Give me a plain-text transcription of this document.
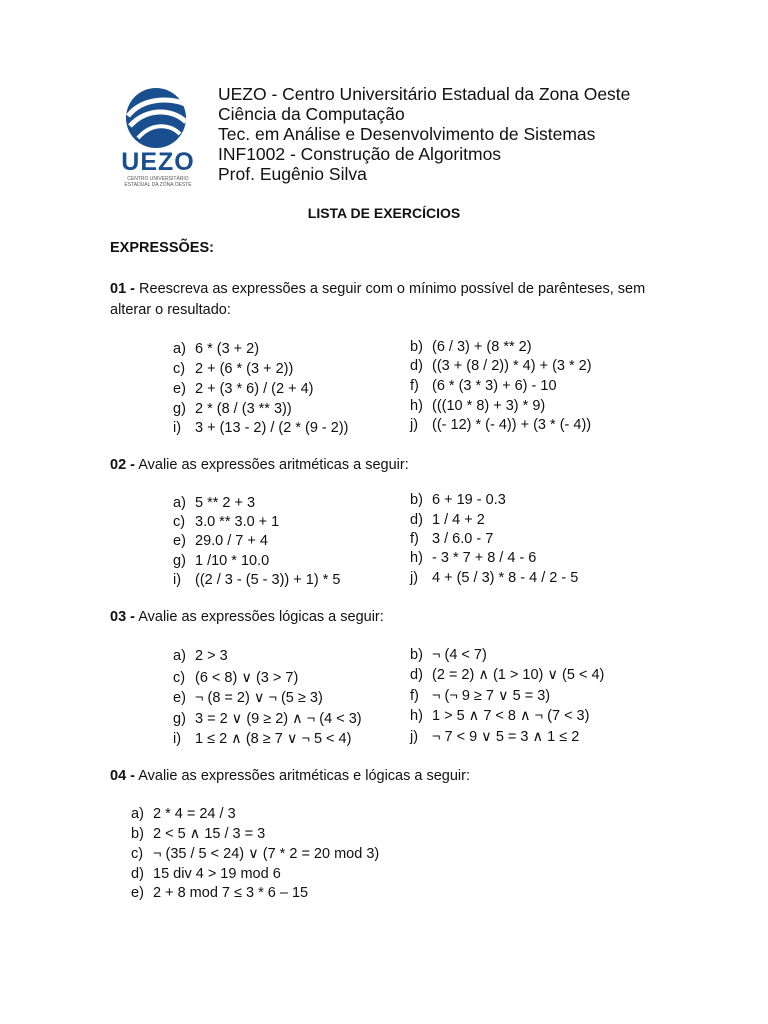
UEZO
CENTRO UNIVERSITÁRIO
ESTADUAL DA ZONA OESTE
UEZO - Centro Universitário Estadual da Zona Oeste
Ciência da Computação
Tec. em Análise e Desenvolvimento de Sistemas
INF1002 - Construção de Algoritmos
Prof. Eugênio Silva
LISTA DE EXERCÍCIOS
EXPRESSÕES:
01 - Reescreva as expressões a seguir com o mínimo possível de parênteses, sem alterar o resultado:
a) 6 * (3 + 2)
c) 2 + (6 * (3 + 2))
e) 2 + (3 * 6) / (2 + 4)
g) 2 * (8 / (3 ** 3))
i) 3 + (13 - 2) / (2 * (9 - 2))
b) (6 / 3) + (8 ** 2)
d) ((3 + (8 / 2)) * 4) + (3 * 2)
f) (6 * (3 * 3) + 6) - 10
h) (((10 * 8) + 3) * 9)
j) ((- 12) * (- 4)) + (3 * (- 4))
02 - Avalie as expressões aritméticas a seguir:
a) 5 ** 2 + 3
c) 3.0 ** 3.0 + 1
e) 29.0 / 7 + 4
g) 1 /10 * 10.0
i) ((2 / 3 - (5 - 3)) + 1) * 5
b) 6 + 19 - 0.3
d) 1 / 4 + 2
f) 3 / 6.0 - 7
h) - 3 * 7 + 8 / 4 - 6
j) 4 + (5 / 3) * 8 - 4 / 2 - 5
03 - Avalie as expressões lógicas a seguir:
a) 2 > 3
c) (6 < 8) ∨ (3 > 7)
e) ¬ (8 = 2) ∨ ¬ (5 ≥ 3)
g) 3 = 2 ∨ (9 ≥ 2) ∧ ¬ (4 < 3)
i) 1 ≤ 2 ∧ (8 ≥ 7 ∨ ¬ 5 < 4)
b) ¬ (4 < 7)
d) (2 = 2) ∧ (1 > 10) ∨ (5 < 4)
f) ¬ (¬ 9 ≥ 7 ∨ 5 = 3)
h) 1 > 5 ∧ 7 < 8 ∧ ¬ (7 < 3)
j) ¬ 7 < 9 ∨ 5 = 3 ∧ 1 ≤ 2
04 - Avalie as expressões aritméticas e lógicas a seguir:
a) 2 * 4 = 24 / 3
b) 2 < 5 ∧ 15 / 3 = 3
c) ¬ (35 / 5 < 24) ∨ (7 * 2 = 20 mod 3)
d) 15 div 4 > 19 mod 6
e) 2 + 8 mod 7 ≤ 3 * 6 – 15
